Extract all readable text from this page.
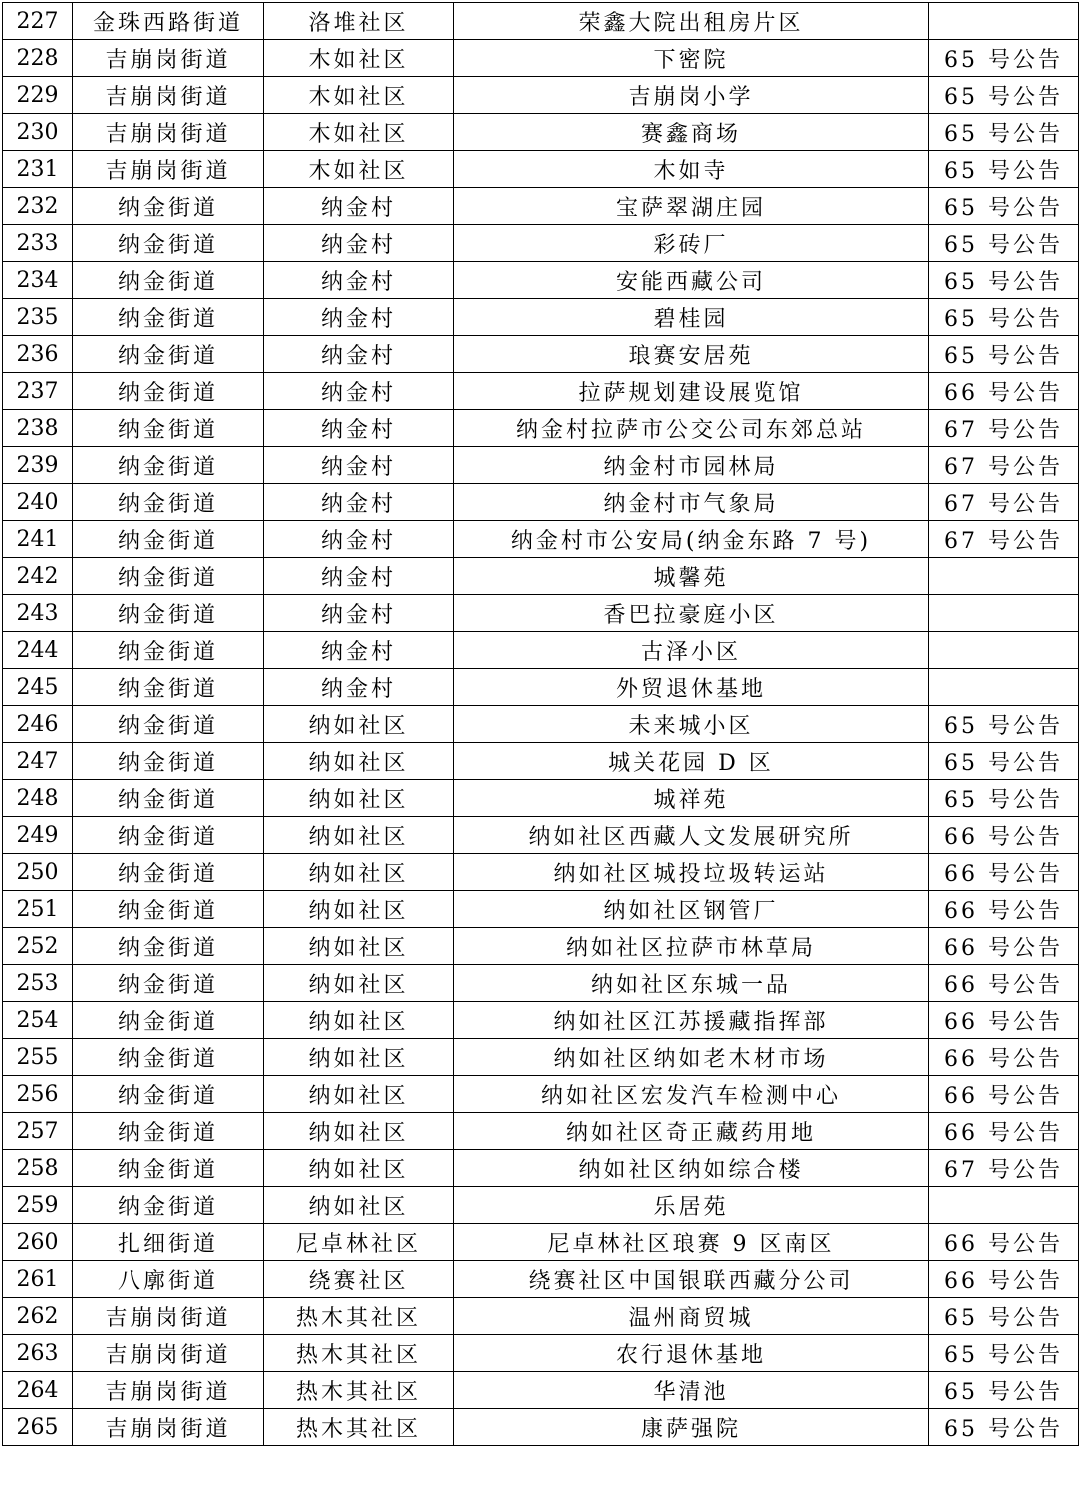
227	金珠西路街道	洛堆社区	荣鑫大院出租房片区	
228	吉崩岗街道	木如社区	下密院	65 号公告
229	吉崩岗街道	木如社区	吉崩岗小学	65 号公告
230	吉崩岗街道	木如社区	赛鑫商场	65 号公告
231	吉崩岗街道	木如社区	木如寺	65 号公告
232	纳金街道	纳金村	宝萨翠湖庄园	65 号公告
233	纳金街道	纳金村	彩砖厂	65 号公告
234	纳金街道	纳金村	安能西藏公司	65 号公告
235	纳金街道	纳金村	碧桂园	65 号公告
236	纳金街道	纳金村	琅赛安居苑	65 号公告
237	纳金街道	纳金村	拉萨规划建设展览馆	66 号公告
238	纳金街道	纳金村	纳金村拉萨市公交公司东郊总站	67 号公告
239	纳金街道	纳金村	纳金村市园林局	67 号公告
240	纳金街道	纳金村	纳金村市气象局	67 号公告
241	纳金街道	纳金村	纳金村市公安局(纳金东路 7 号)	67 号公告
242	纳金街道	纳金村	城馨苑	
243	纳金街道	纳金村	香巴拉豪庭小区	
244	纳金街道	纳金村	古泽小区	
245	纳金街道	纳金村	外贸退休基地	
246	纳金街道	纳如社区	未来城小区	65 号公告
247	纳金街道	纳如社区	城关花园 D 区	65 号公告
248	纳金街道	纳如社区	城祥苑	65 号公告
249	纳金街道	纳如社区	纳如社区西藏人文发展研究所	66 号公告
250	纳金街道	纳如社区	纳如社区城投垃圾转运站	66 号公告
251	纳金街道	纳如社区	纳如社区钢管厂	66 号公告
252	纳金街道	纳如社区	纳如社区拉萨市林草局	66 号公告
253	纳金街道	纳如社区	纳如社区东城一品	66 号公告
254	纳金街道	纳如社区	纳如社区江苏援藏指挥部	66 号公告
255	纳金街道	纳如社区	纳如社区纳如老木材市场	66 号公告
256	纳金街道	纳如社区	纳如社区宏发汽车检测中心	66 号公告
257	纳金街道	纳如社区	纳如社区奇正藏药用地	66 号公告
258	纳金街道	纳如社区	纳如社区纳如综合楼	67 号公告
259	纳金街道	纳如社区	乐居苑	
260	扎细街道	尼卓林社区	尼卓林社区琅赛 9 区南区	66 号公告
261	八廓街道	绕赛社区	绕赛社区中国银联西藏分公司	66 号公告
262	吉崩岗街道	热木其社区	温州商贸城	65 号公告
263	吉崩岗街道	热木其社区	农行退休基地	65 号公告
264	吉崩岗街道	热木其社区	华清池	65 号公告
265	吉崩岗街道	热木其社区	康萨强院	65 号公告
